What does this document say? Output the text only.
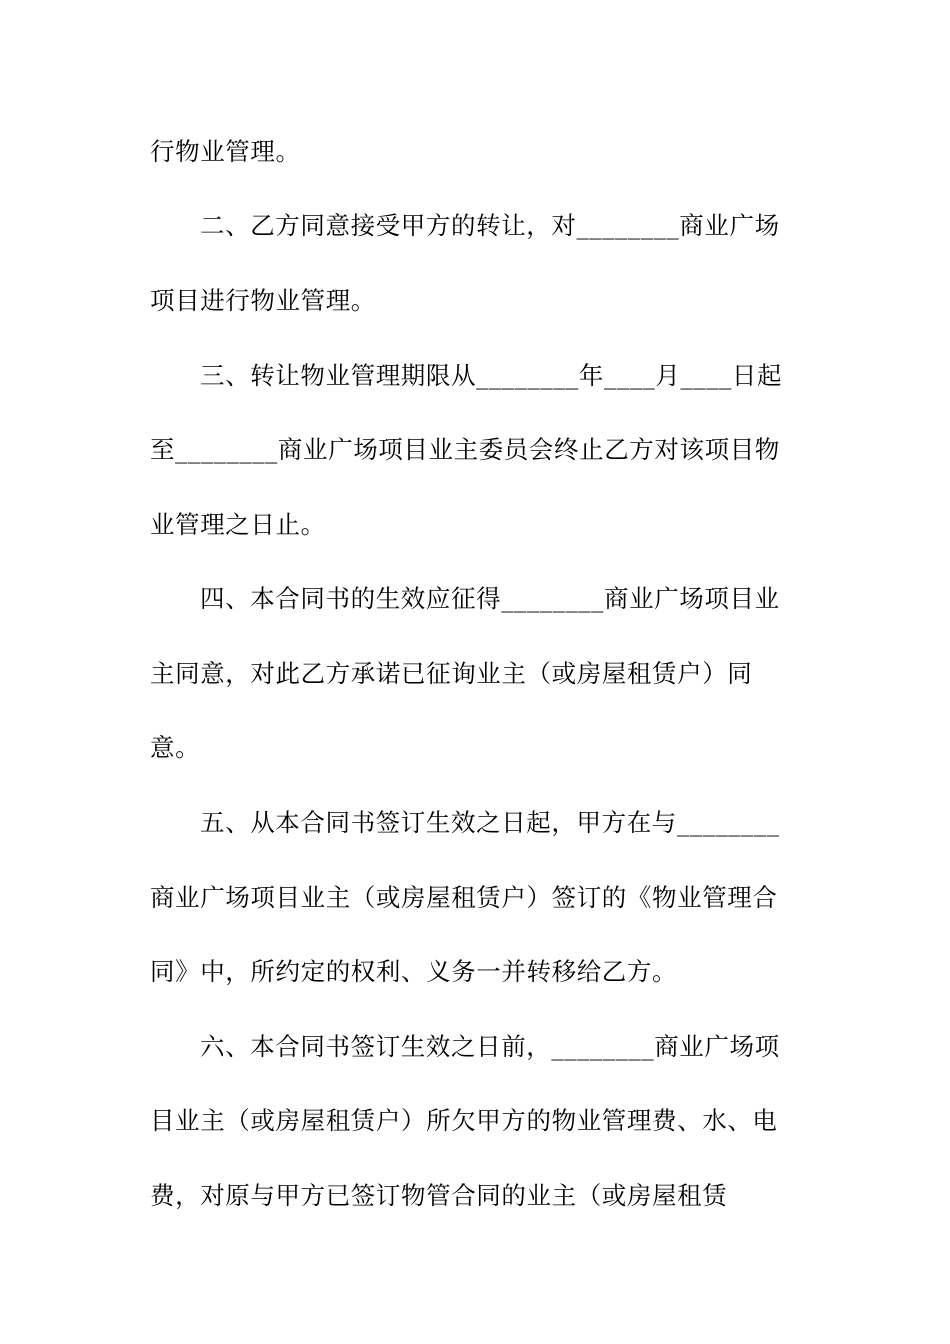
行物业管理。
二、乙方同意接受甲方的转让，对________商业广场
项目进行物业管理。
三、转让物业管理期限从________年____月____日起
至________商业广场项目业主委员会终止乙方对该项目物
业管理之日止。
四、本合同书的生效应征得________商业广场项目业
主同意，对此乙方承诺已征询业主（或房屋租赁户）同
意。
五、从本合同书签订生效之日起，甲方在与________
商业广场项目业主（或房屋租赁户）签订的《物业管理合
同》中，所约定的权利、义务一并转移给乙方。
六、本合同书签订生效之日前，________商业广场项
目业主（或房屋租赁户）所欠甲方的物业管理费、水、电
费，对原与甲方已签订物管合同的业主（或房屋租赁
